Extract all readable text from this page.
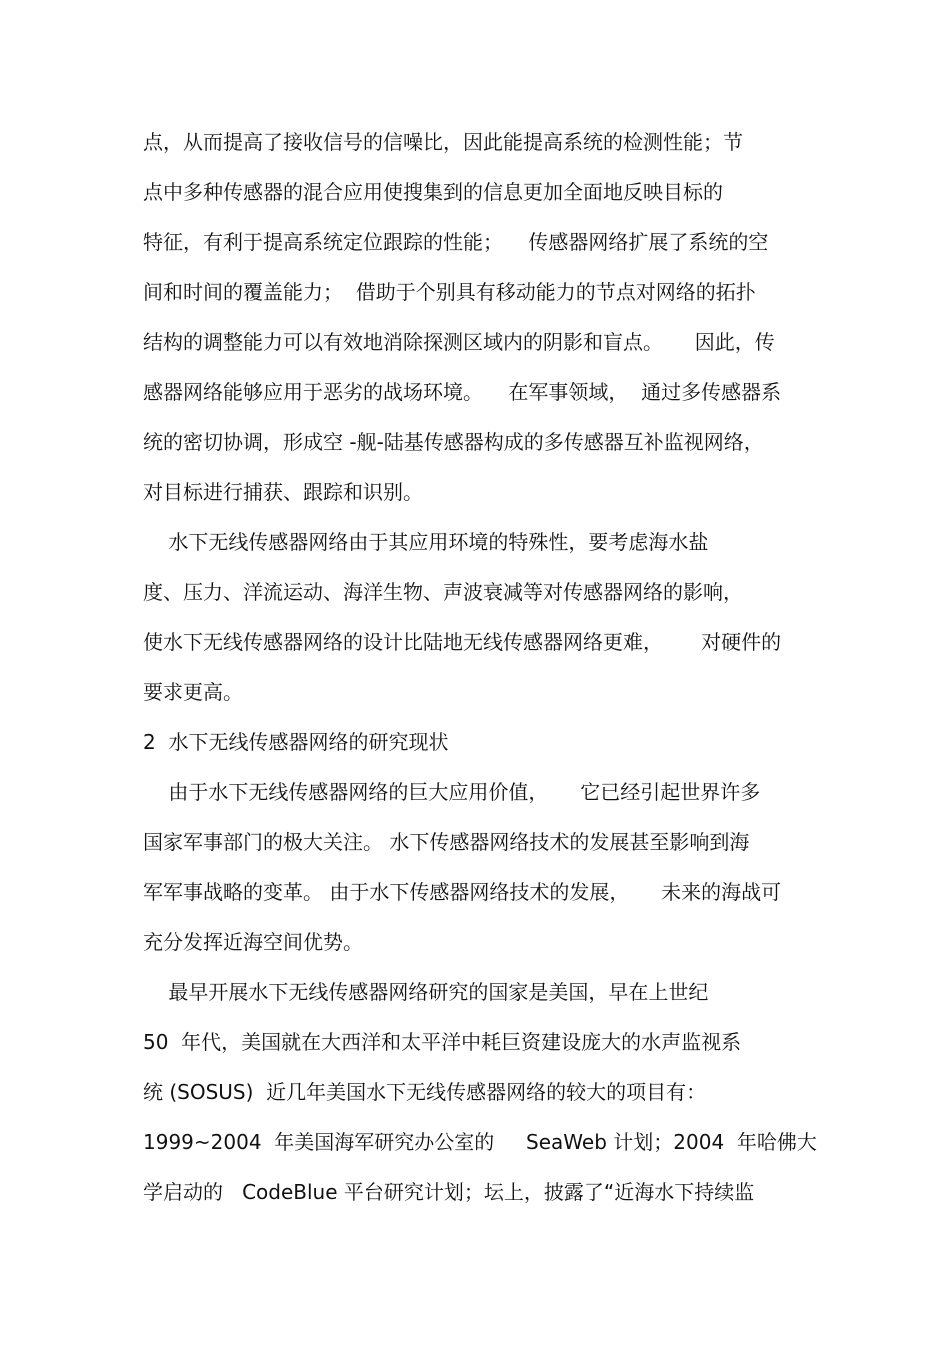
点，从而提高了接收信号的信噪比，因此能提高系统的检测性能；节
点中多种传感器的混合应用使搜集到的信息更加全面地反映目标的
特征，有利于提高系统定位跟踪的性能；    传感器网络扩展了系统的空
间和时间的覆盖能力；  借助于个别具有移动能力的节点对网络的拓扑
结构的调整能力可以有效地消除探测区域内的阴影和盲点。     因此，传
感器网络能够应用于恶劣的战场环境。    在军事领域，  通过多传感器系
统的密切协调，形成空 -舰-陆基传感器构成的多传感器互补监视网络，
对目标进行捕获、跟踪和识别。
水下无线传感器网络由于其应用环境的特殊性，要考虑海水盐
度、压力、洋流运动、海洋生物、声波衰减等对传感器网络的影响，
使水下无线传感器网络的设计比陆地无线传感器网络更难，      对硬件的
要求更高。
2  水下无线传感器网络的研究现状
由于水下无线传感器网络的巨大应用价值，     它已经引起世界许多
国家军事部门的极大关注。 水下传感器网络技术的发展甚至影响到海
军军事战略的变革。 由于水下传感器网络技术的发展，     未来的海战可
充分发挥近海空间优势。
最早开展水下无线传感器网络研究的国家是美国，早在上世纪
50  年代，美国就在大西洋和太平洋中耗巨资建设庞大的水声监视系
统 (SOSUS)  近几年美国水下无线传感器网络的较大的项目有：
1999~2004  年美国海军研究办公室的     SeaWeb 计划；2004  年哈佛大
学启动的   CodeBlue 平台研究计划；坛上，披露了“近海水下持续监
